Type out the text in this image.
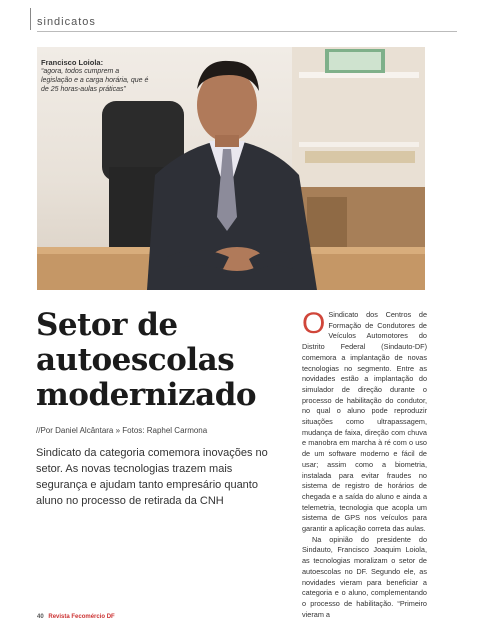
sindicatos
Francisco Loiola:
“agora, todos cumprem a legislação e a carga horária, que é de 25 horas-aulas práticas”
Setor de
autoescolas
modernizado
//Por Daniel Alcântara » Fotos: Raphel Carmona
Sindicato da categoria comemora inovações no setor. As novas tecnologias trazem mais segurança e ajudam tanto empresário quanto aluno no processo de retirada da CNH

O Sindicato dos Centros de Formação de Condutores de Veículos Automotores do Distrito Federal (Sindauto-DF) comemora a implantação de novas tecnologias no segmento. Entre as novidades estão a implantação do simulador de direção durante o processo de habilitação do condutor, no qual o aluno pode reproduzir situações como ultrapassagem, mudança de faixa, direção com chuva e manobra em marcha à ré com o uso de um software moderno e fácil de usar; assim como a biometria, instalada para evitar fraudes no sistema de registro de horários de chegada e a saída do aluno e ainda a telemetria, tecnologia que acopla um sistema de GPS nos veículos para garantir a aplicação correta das aulas.

Na opinião do presidente do Sindauto, Francisco Joaquim Loiola, as tecnologias moralizam o setor de autoescolas no DF. Segundo ele, as novidades vieram para beneficiar a categoria e o aluno, complementando o processo de habilitação. “Primeiro vieram a

40 Revista Fecomércio DF
